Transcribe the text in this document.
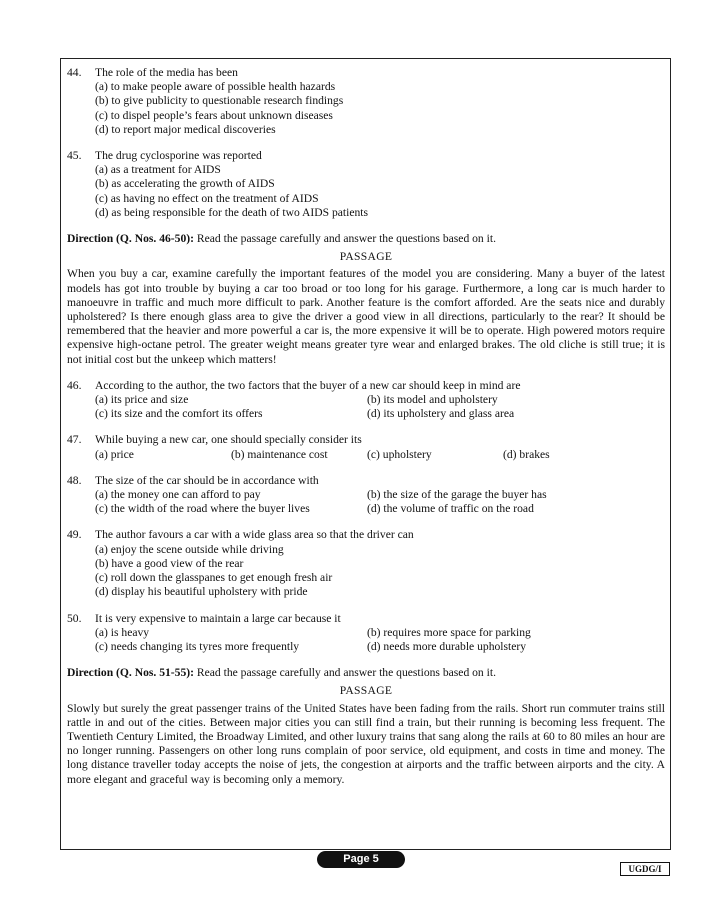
44.	The role of the media has been
(a) to make people aware of possible health hazards
(b) to give publicity to questionable research findings
(c) to dispel people’s fears about unknown diseases
(d) to report major medical discoveries
45.	The drug cyclosporine was reported
(a) as a treatment for AIDS
(b) as accelerating the growth of AIDS
(c) as having no effect on the treatment of AIDS
(d) as being responsible for the death of two AIDS patients
Direction (Q. Nos. 46-50): Read the passage carefully and answer the questions based on it.
PASSAGE
When you buy a car, examine carefully the important features of the model you are considering. Many a buyer of the latest models has got into trouble by buying a car too broad or too long for his garage. Furthermore, a long car is much harder to manoeuvre in traffic and much more difficult to park. Another feature is the comfort afforded. Are the seats nice and durably upholstered? Is there enough glass area to give the driver a good view in all directions, particularly to the rear? It should be remembered that the heavier and more powerful a car is, the more expensive it will be to operate. High powered motors require expensive high-octane petrol. The greater weight means greater tyre wear and enlarged brakes. The old cliche is still true; it is not initial cost but the unkeep which matters!
46.	According to the author, the two factors that the buyer of a new car should keep in mind are
(a) its price and size	(b) its model and upholstery
(c) its size and the comfort its offers	(d) its upholstery and glass area
47.	While buying a new car, one should specially consider its
(a) price	(b) maintenance cost	(c) upholstery	(d) brakes
48.	The size of the car should be in accordance with
(a) the money one can afford to pay	(b) the size of the garage the buyer has
(c) the width of the road where the buyer lives	(d) the volume of traffic on the road
49.	The author favours a car with a wide glass area so that the driver can
(a) enjoy the scene outside while driving
(b) have a good view of the rear
(c) roll down the glasspanes to get enough fresh air
(d) display his beautiful upholstery with pride
50.	It is very expensive to maintain a large car because it
(a) is heavy	(b) requires more space for parking
(c) needs changing its tyres more frequently	(d) needs more durable upholstery
Direction (Q. Nos. 51-55): Read the passage carefully and answer the questions based on it.
PASSAGE
Slowly but surely the great passenger trains of the United States have been fading from the rails. Short run commuter trains still rattle in and out of the cities. Between major cities you can still find a train, but their running is becoming less frequent. The Twentieth Century Limited, the Broadway Limited, and other luxury trains that sang along the rails at 60 to 80 miles an hour are no longer running. Passengers on other long runs complain of poor service, old equipment, and costs in time and money. The long distance traveller today accepts the noise of jets, the congestion at airports and the traffic between airports and the city. A more elegant and graceful way is becoming only a memory.
Page 5
UGDG/I
